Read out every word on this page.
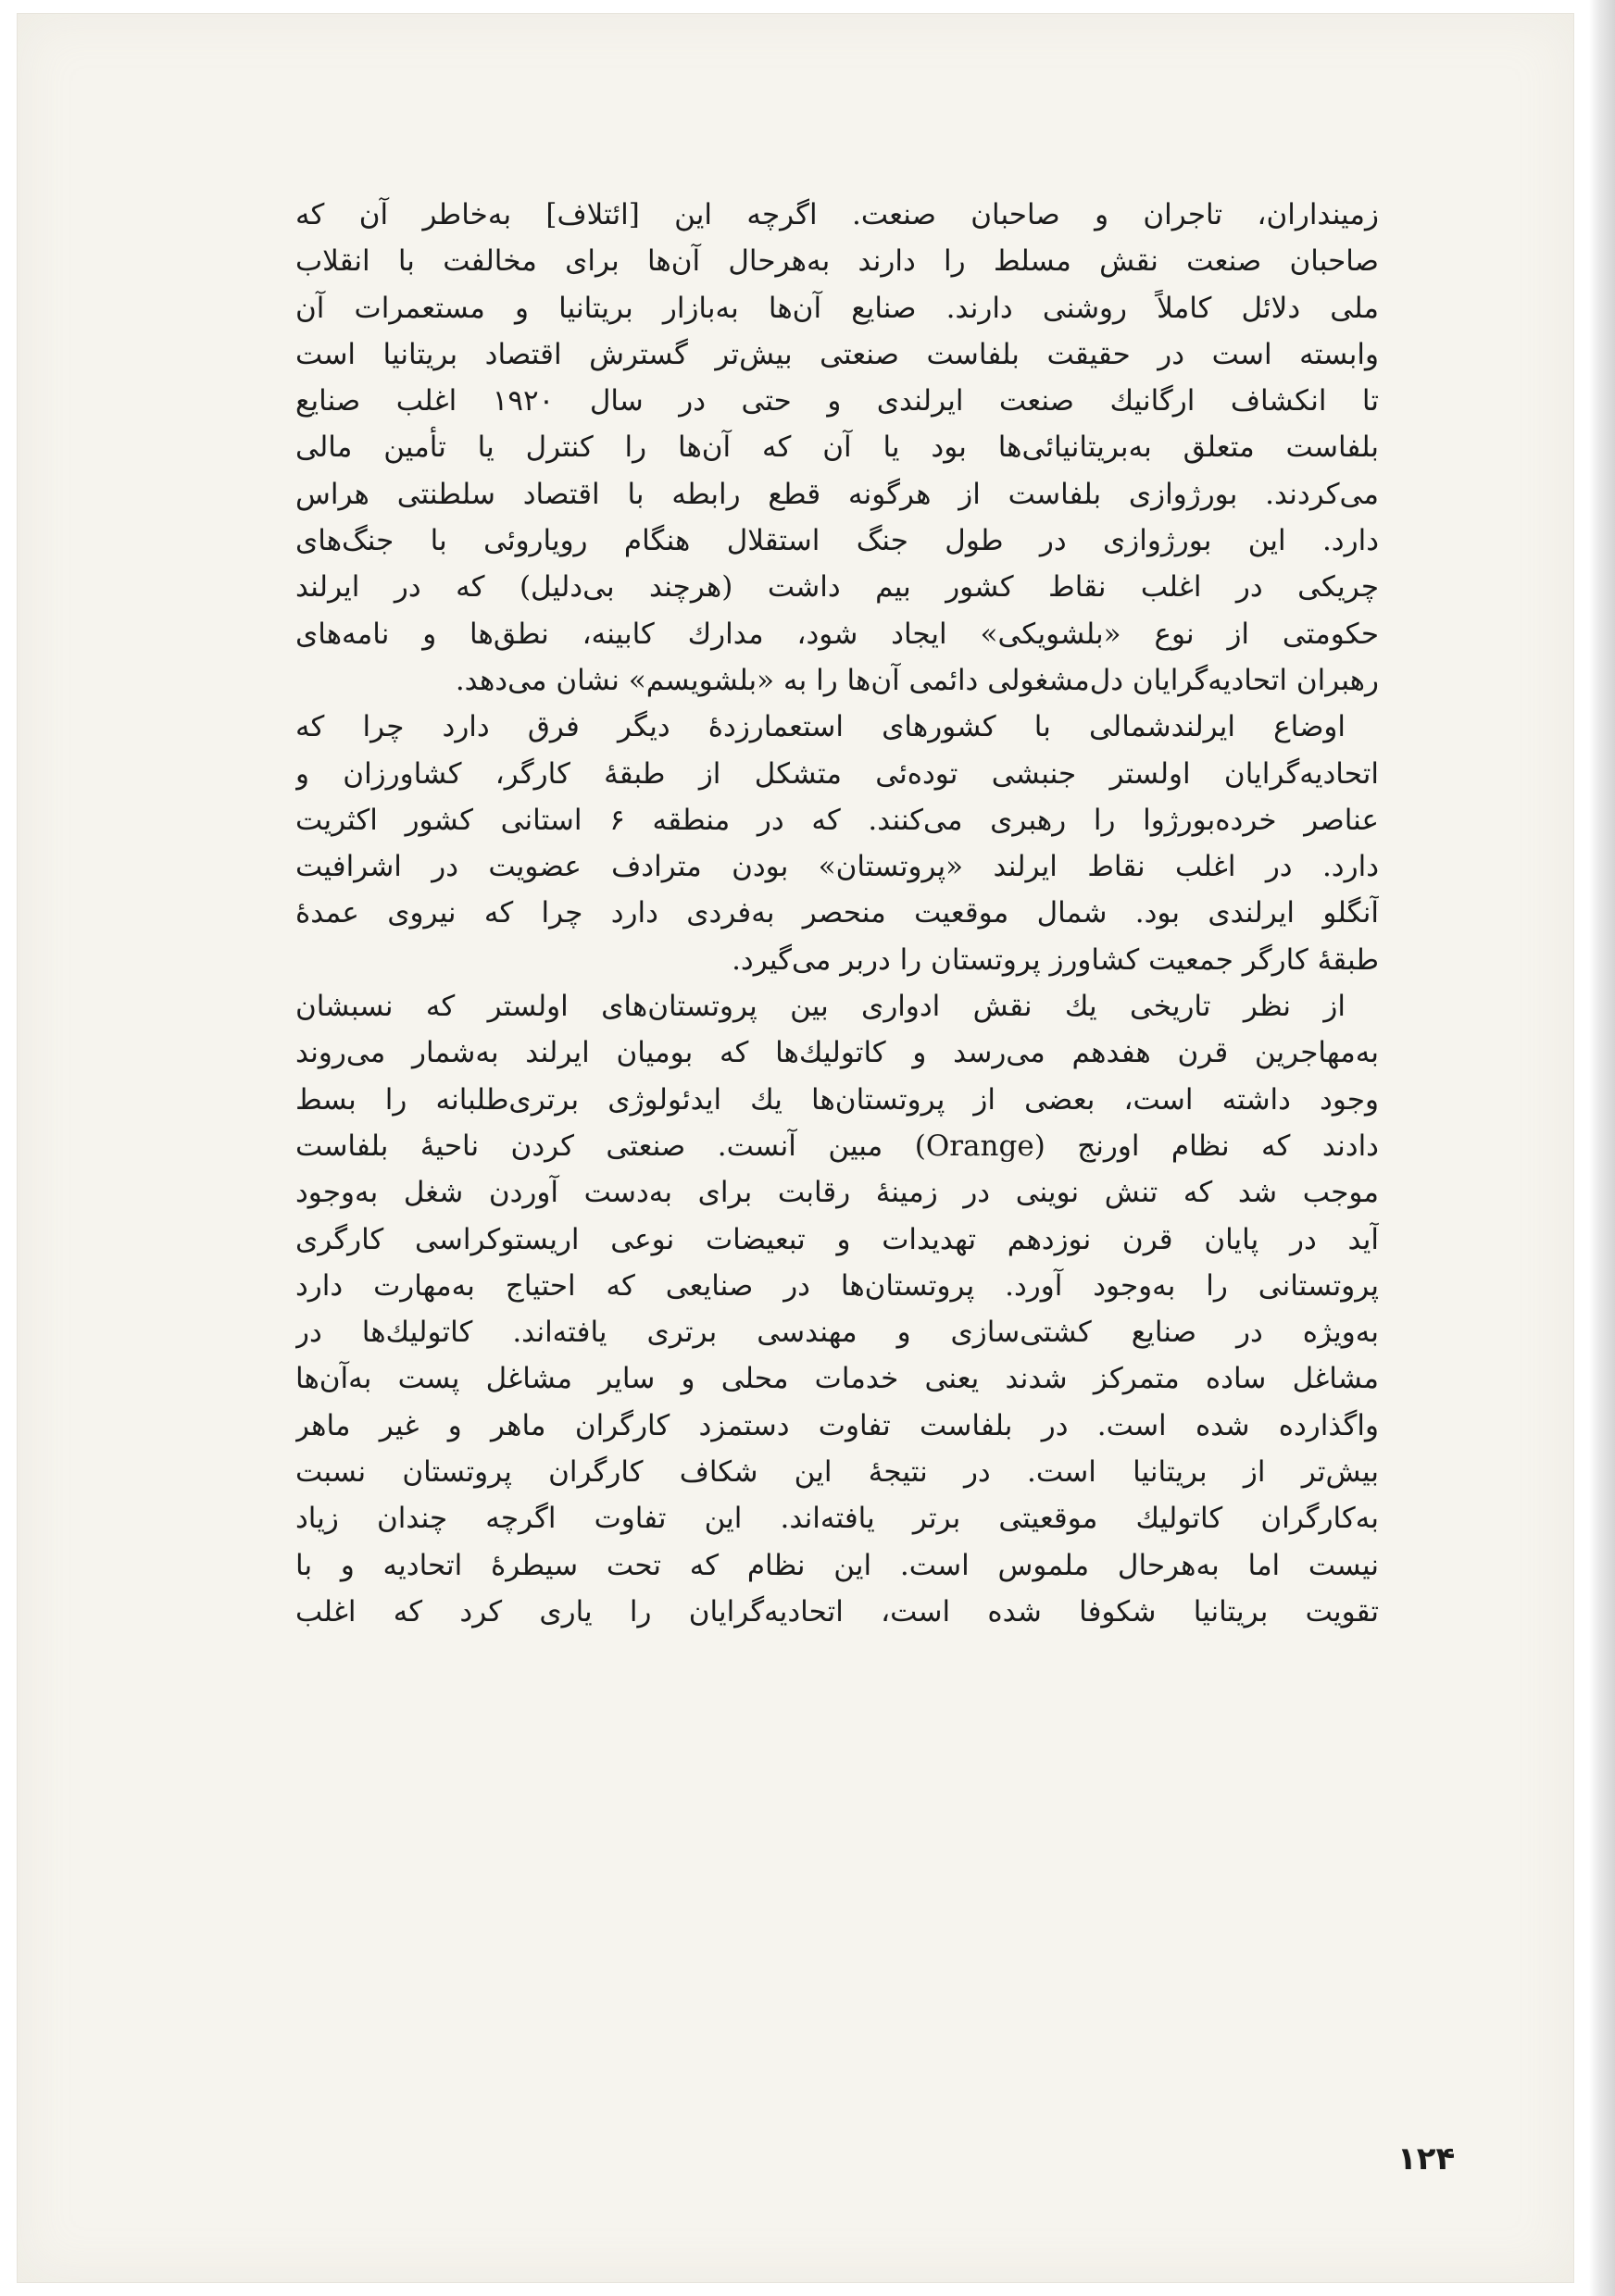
زمینداران، تاجران و صاحبان صنعت. اگرچه این [ائتلاف] به‌خاطر آن که
صاحبان صنعت نقش مسلط را دارند به‌هرحال آن‌ها برای مخالفت با انقلاب
ملی دلائل کاملاً روشنی دارند. صنایع آن‌ها به‌بازار بریتانیا و مستعمرات آن
وابسته است در حقیقت بلفاست صنعتی بیش‌تر گسترش اقتصاد بریتانیا است
تا انکشاف ارگانیك صنعت ایرلندی و حتی در سال ۱۹۲۰ اغلب صنایع
بلفاست متعلق به‌بریتانیائی‌ها بود یا آن که آن‌ها را کنترل یا تأمین مالی
می‌کردند. بورژوازی بلفاست از هرگونه قطع رابطه با اقتصاد سلطنتی هراس
دارد. این بورژوازی در طول جنگ استقلال هنگام رویاروئی با جنگ‌های
چریکی در اغلب نقاط کشور بیم داشت (هرچند بی‌دلیل) که در ایرلند
حکومتی از نوع «بلشویکی» ایجاد شود، مدارك کابینه، نطق‌ها و نامه‌های
رهبران اتحادیه‌گرایان دل‌مشغولی دائمی آن‌ها را به «بلشویسم» نشان می‌دهد.
اوضاع ایرلندشمالی با کشورهای استعمارزدهٔ دیگر فرق دارد چرا که
اتحادیه‌گرایان اولستر جنبشی توده‌ئی متشکل از طبقهٔ کارگر، کشاورزان و
عناصر خرده‌بورژوا را رهبری می‌کنند. که در منطقه ۶ استانی کشور اکثریت
دارد. در اغلب نقاط ایرلند «پروتستان» بودن مترادف عضویت در اشرافیت
آنگلو ایرلندی بود. شمال موقعیت منحصر به‌فردی دارد چرا که نیروی عمدهٔ
طبقهٔ کارگر جمعیت کشاورز پروتستان را دربر می‌گیرد.
از نظر تاریخی یك نقش ادواری بین پروتستان‌های اولستر که نسبشان
به‌مهاجرین قرن هفدهم می‌رسد و کاتولیك‌ها که بومیان ایرلند به‌شمار می‌روند
وجود داشته است، بعضی از پروتستان‌ها یك ایدئولوژی برتری‌طلبانه را بسط
دادند که نظام اورنج (Orange) مبین آنست. صنعتی کردن ناحیهٔ بلفاست
موجب شد که تنش نوینی در زمینهٔ رقابت برای به‌دست آوردن شغل به‌وجود
آید در پایان قرن نوزدهم تهدیدات و تبعیضات نوعی اریستوکراسی کارگری
پروتستانی را به‌وجود آورد. پروتستان‌ها در صنایعی که احتیاج به‌مهارت دارد
به‌ویژه در صنایع کشتی‌سازی و مهندسی برتری یافته‌اند. کاتولیك‌ها در
مشاغل ساده متمرکز شدند یعنی خدمات محلی و سایر مشاغل پست به‌آن‌ها
واگذارده شده است. در بلفاست تفاوت دستمزد کارگران ماهر و غیر ماهر
بیش‌تر از بریتانیا است. در نتیجهٔ این شکاف کارگران پروتستان نسبت
به‌کارگران کاتولیك موقعیتی برتر یافته‌اند. این تفاوت اگرچه چندان زیاد
نیست اما به‌هرحال ملموس است. این نظام که تحت سیطرهٔ اتحادیه و با
تقویت بریتانیا شکوفا شده است، اتحادیه‌گرایان را یاری کرد که اغلب
۱۲۴
